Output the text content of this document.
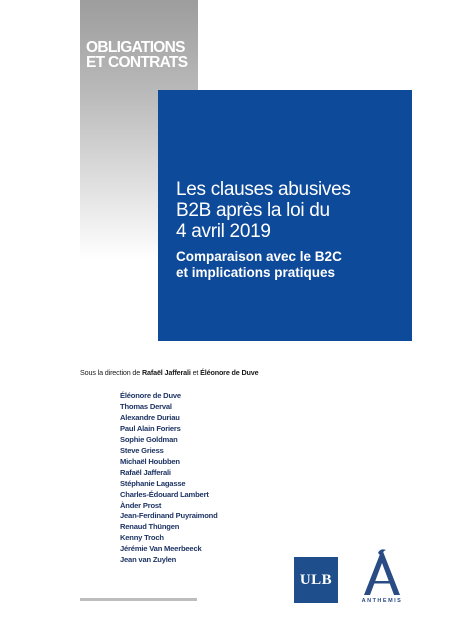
OBLIGATIONS
ET CONTRATS
Les clauses abusives
B2B après la loi du
4 avril 2019
Comparaison avec le B2C
et implications pratiques
Sous la direction de Rafaël Jafferali et Éléonore de Duve
Éléonore de Duve
Thomas Derval
Alexandre Duriau
Paul Alain Foriers
Sophie Goldman
Steve Griess
Michaël Houbben
Rafaël Jafferali
Stéphanie Lagasse
Charles-Édouard Lambert
Ànder Prost
Jean-Ferdinand Puyraimond
Renaud Thüngen
Kenny Troch
Jérémie Van Meerbeeck
Jean van Zuylen
ULB
ANTHEMIS
